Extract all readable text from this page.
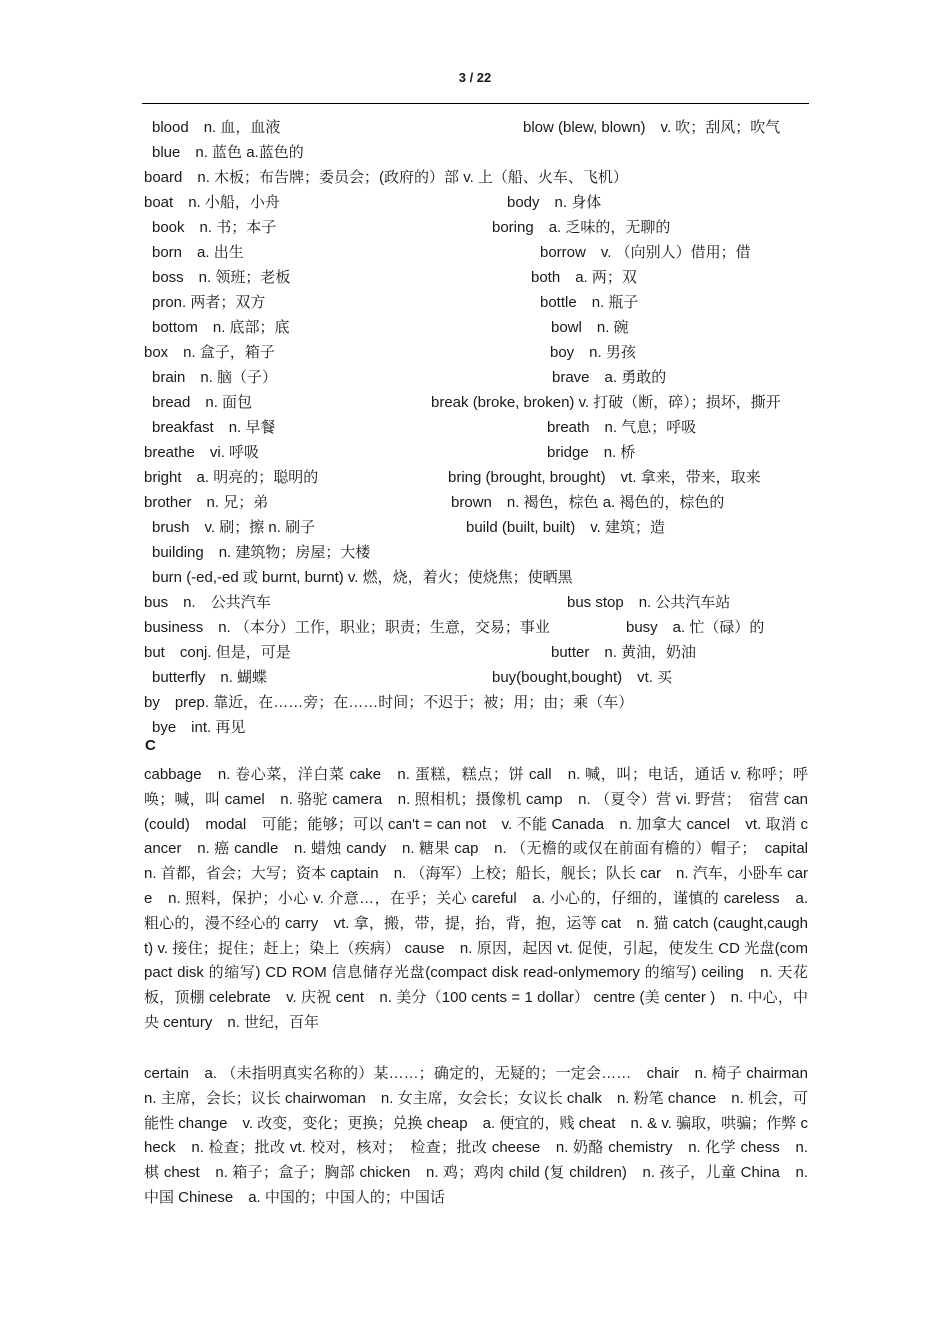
3 / 22
blood　n. 血，血液	blow (blew, blown)　v. 吹；刮风；吹气
blue　n. 蓝色 a.蓝色的
board　n. 木板；布告牌；委员会；(政府的）部 v. 上（船、火车、飞机）
boat　n. 小船，小舟	body　n. 身体
book　n. 书；本子	boring　a. 乏味的，无聊的
born　a. 出生	borrow　v. （向别人）借用；借
boss　n. 领班；老板	both　a. 两；双
pron. 两者；双方	bottle　n. 瓶子
bottom　n. 底部；底	bowl　n. 碗
box　n. 盒子，箱子	boy　n. 男孩
brain　n. 脑（子）	brave　a. 勇敢的
bread　n. 面包	break (broke, broken) v. 打破（断，碎）；损坏，撕开
breakfast　n. 早餐	breath　n. 气息；呼吸
breathe　vi. 呼吸	bridge　n. 桥
bright　a. 明亮的；聪明的	bring (brought, brought)　vt. 拿来，带来，取来
brother　n. 兄；弟	brown　n. 褐色，棕色 a. 褐色的，棕色的
brush　v. 刷；擦 n. 刷子	build (built, built)　v. 建筑；造
building　n. 建筑物；房屋；大楼
burn (-ed,-ed 或 burnt, burnt) v. 燃，烧，着火；使烧焦；使晒黑
bus　n.　公共汽车	bus stop　n. 公共汽车站
business　n. （本分）工作，职业；职责；生意，交易；事业	busy　a. 忙（碌）的
but　conj. 但是，可是	butter　n. 黄油，奶油
butterfly　n. 蝴蝶	buy(bought,bought)　vt. 买
by　prep. 靠近，在……旁；在……时间；不迟于；被；用；由；乘（车）
bye　int. 再见
C
cabbage　n. 卷心菜，洋白菜 cake　n. 蛋糕，糕点；饼 call　n. 喊，叫；电话，通话 v. 称呼；呼唤；喊，叫 camel　n. 骆驼 camera　n. 照相机；摄像机 camp　n. （夏令）营 vi. 野营；　宿营 can (could)　modal　可能；能够；可以 can't = can not　v. 不能 Canada　n. 加拿大 cancel　vt. 取消 cancer　n. 癌 candle　n. 蜡烛 candy　n. 糖果 cap　n. （无檐的或仅在前面有檐的）帽子；　capital　n. 首都，省会；大写；资本 captain　n. （海军）上校；船长，舰长；队长 car　n. 汽车，小卧车 care　n. 照料，保护；小心 v. 介意…，在乎；关心 careful　a. 小心的，仔细的，谨慎的 careless　a. 粗心的，漫不经心的 carry　vt. 拿，搬，带，提，抬，背，抱，运等 cat　n. 猫 catch (caught,caught) v. 接住；捉住；赶上；染上（疾病） cause　n. 原因，起因 vt. 促使，引起，使发生 CD 光盘(compact disk 的缩写) CD ROM 信息储存光盘(compact disk read-onlymemory 的缩写) ceiling　n. 天花板，顶棚 celebrate　v. 庆祝 cent　n. 美分（100 cents = 1 dollar） centre (美 center )　n. 中心，中央 century　n. 世纪，百年
certain　a. （未指明真实名称的）某……；确定的，无疑的；一定会……　chair　n. 椅子 chairman　n. 主席，会长；议长 chairwoman　n. 女主席，女会长；女议长 chalk　n. 粉笔 chance　n. 机会，可能性 change　v. 改变，变化；更换；兑换 cheap　a. 便宜的，贱 cheat　n. & v. 骗取，哄骗；作弊 check　n. 检查；批改 vt. 校对，核对；　检查；批改 cheese　n. 奶酪 chemistry　n. 化学 chess　n. 棋 chest　n. 箱子；盒子；胸部 chicken　n. 鸡；鸡肉 child (复 children)　n. 孩子，儿童 China　n. 中国 Chinese　a. 中国的；中国人的；中国话
